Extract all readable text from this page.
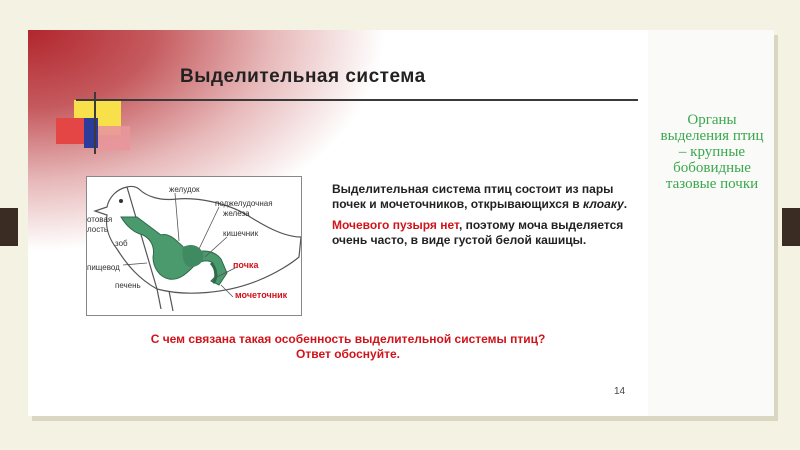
Выделительная система
желудок
поджелудочная
железа
кишечник
почка
мочеточник
отовая
лость
зоб
пищевод
печень

Выделительная система птиц состоит из пары почек и мочеточников, открывающихся в клоаку.

Мочевого пузыря нет, поэтому моча выделяется очень часто, в виде густой белой кашицы.

С чем связана такая особенность выделительной системы птиц?
Ответ обоснуйте.
14
Органы выделения птиц – крупные бобовидные тазовые почки
